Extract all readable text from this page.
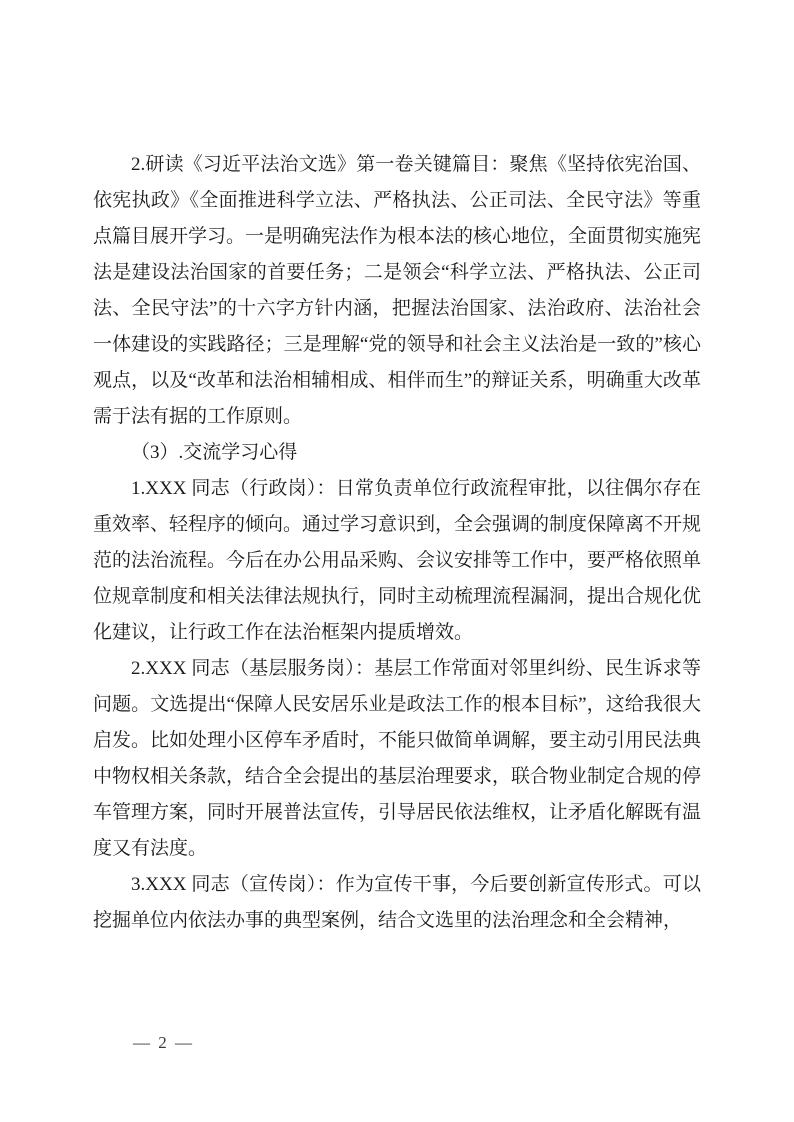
2.研读《习近平法治文选》第一卷关键篇目：聚焦《坚持依宪治国、依宪执政》《全面推进科学立法、严格执法、公正司法、全民守法》等重点篇目展开学习。一是明确宪法作为根本法的核心地位，全面贯彻实施宪法是建设法治国家的首要任务；二是领会“科学立法、严格执法、公正司法、全民守法”的十六字方针内涵，把握法治国家、法治政府、法治社会一体建设的实践路径；三是理解“党的领导和社会主义法治是一致的”核心观点，以及“改革和法治相辅相成、相伴而生”的辩证关系，明确重大改革需于法有据的工作原则。

（3）.交流学习心得

1.XXX 同志（行政岗）：日常负责单位行政流程审批，以往偶尔存在重效率、轻程序的倾向。通过学习意识到，全会强调的制度保障离不开规范的法治流程。今后在办公用品采购、会议安排等工作中，要严格依照单位规章制度和相关法律法规执行，同时主动梳理流程漏洞，提出合规化优化建议，让行政工作在法治框架内提质增效。

2.XXX 同志（基层服务岗）：基层工作常面对邻里纠纷、民生诉求等问题。文选提出“保障人民安居乐业是政法工作的根本目标”，这给我很大启发。比如处理小区停车矛盾时，不能只做简单调解，要主动引用民法典中物权相关条款，结合全会提出的基层治理要求，联合物业制定合规的停车管理方案，同时开展普法宣传，引导居民依法维权，让矛盾化解既有温度又有法度。

3.XXX 同志（宣传岗）：作为宣传干事，今后要创新宣传形式。可以挖掘单位内依法办事的典型案例，结合文选里的法治理念和全会精神，

— 2 —
